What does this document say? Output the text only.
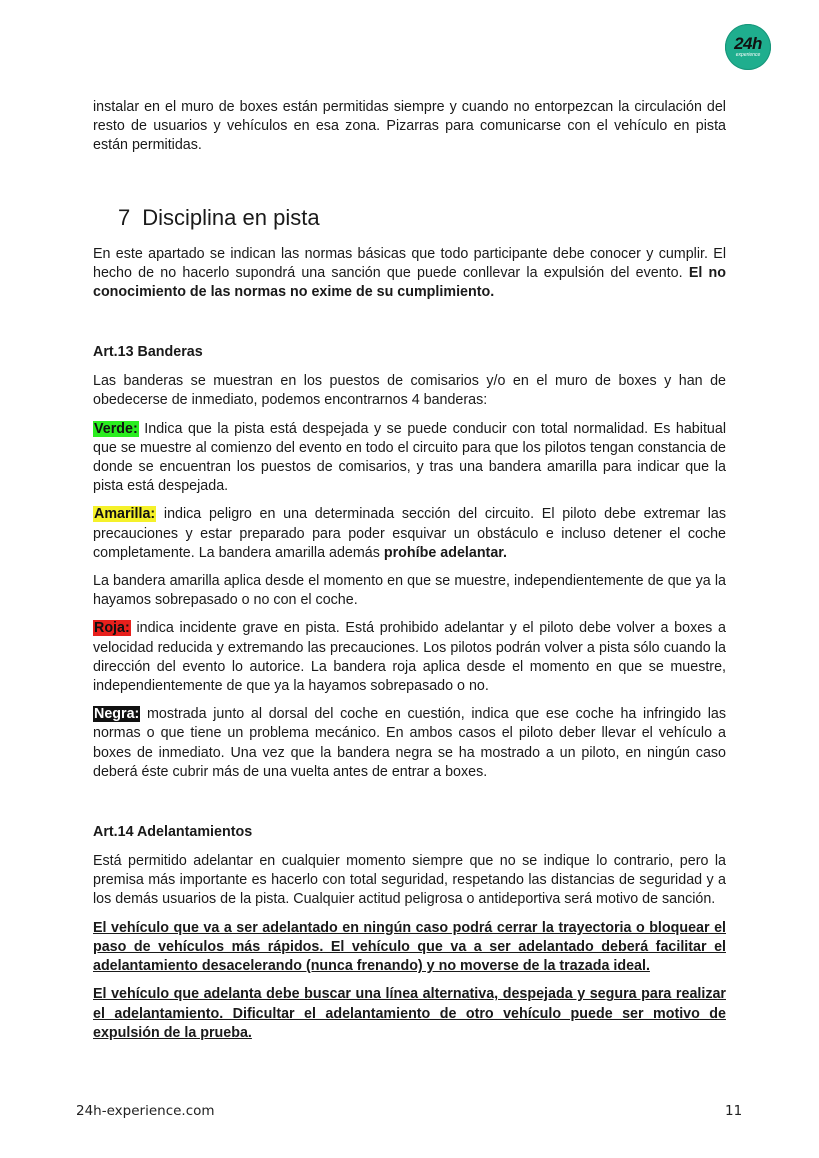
24h
experience

instalar en el muro de boxes están permitidas siempre y cuando no entorpezcan la circulación del resto de usuarios y vehículos en esa zona. Pizarras para comunicarse con el vehículo en pista están permitidas.

7 Disciplina en pista

En este apartado se indican las normas básicas que todo participante debe conocer y cumplir. El hecho de no hacerlo supondrá una sanción que puede conllevar la expulsión del evento. El no conocimiento de las normas no exime de su cumplimiento.

Art.13 Banderas

Las banderas se muestran en los puestos de comisarios y/o en el muro de boxes y han de obedecerse de inmediato, podemos encontrarnos 4 banderas:

Verde: Indica que la pista está despejada y se puede conducir con total normalidad. Es habitual que se muestre al comienzo del evento en todo el circuito para que los pilotos tengan constancia de donde se encuentran los puestos de comisarios, y tras una bandera amarilla para indicar que la pista está despejada.

Amarilla: indica peligro en una determinada sección del circuito. El piloto debe extremar las precauciones y estar preparado para poder esquivar un obstáculo e incluso detener el coche completamente. La bandera amarilla además prohíbe adelantar.

La bandera amarilla aplica desde el momento en que se muestre, independientemente de que ya la hayamos sobrepasado o no con el coche.

Roja: indica incidente grave en pista. Está prohibido adelantar y el piloto debe volver a boxes a velocidad reducida y extremando las precauciones. Los pilotos podrán volver a pista sólo cuando la dirección del evento lo autorice. La bandera roja aplica desde el momento en que se muestre, independientemente de que ya la hayamos sobrepasado o no.

Negra: mostrada junto al dorsal del coche en cuestión, indica que ese coche ha infringido las normas o que tiene un problema mecánico. En ambos casos el piloto deber llevar el vehículo a boxes de inmediato. Una vez que la bandera negra se ha mostrado a un piloto, en ningún caso deberá éste cubrir más de una vuelta antes de entrar a boxes.

Art.14 Adelantamientos

Está permitido adelantar en cualquier momento siempre que no se indique lo contrario, pero la premisa más importante es hacerlo con total seguridad, respetando las distancias de seguridad y a los demás usuarios de la pista. Cualquier actitud peligrosa o antideportiva será motivo de sanción.

El vehículo que va a ser adelantado en ningún caso podrá cerrar la trayectoria o bloquear el paso de vehículos más rápidos. El vehículo que va a ser adelantado deberá facilitar el adelantamiento desacelerando (nunca frenando) y no moverse de la trazada ideal.

El vehículo que adelanta debe buscar una línea alternativa, despejada y segura para realizar el adelantamiento. Dificultar el adelantamiento de otro vehículo puede ser motivo de expulsión de la prueba.

24h-experience.com	11
